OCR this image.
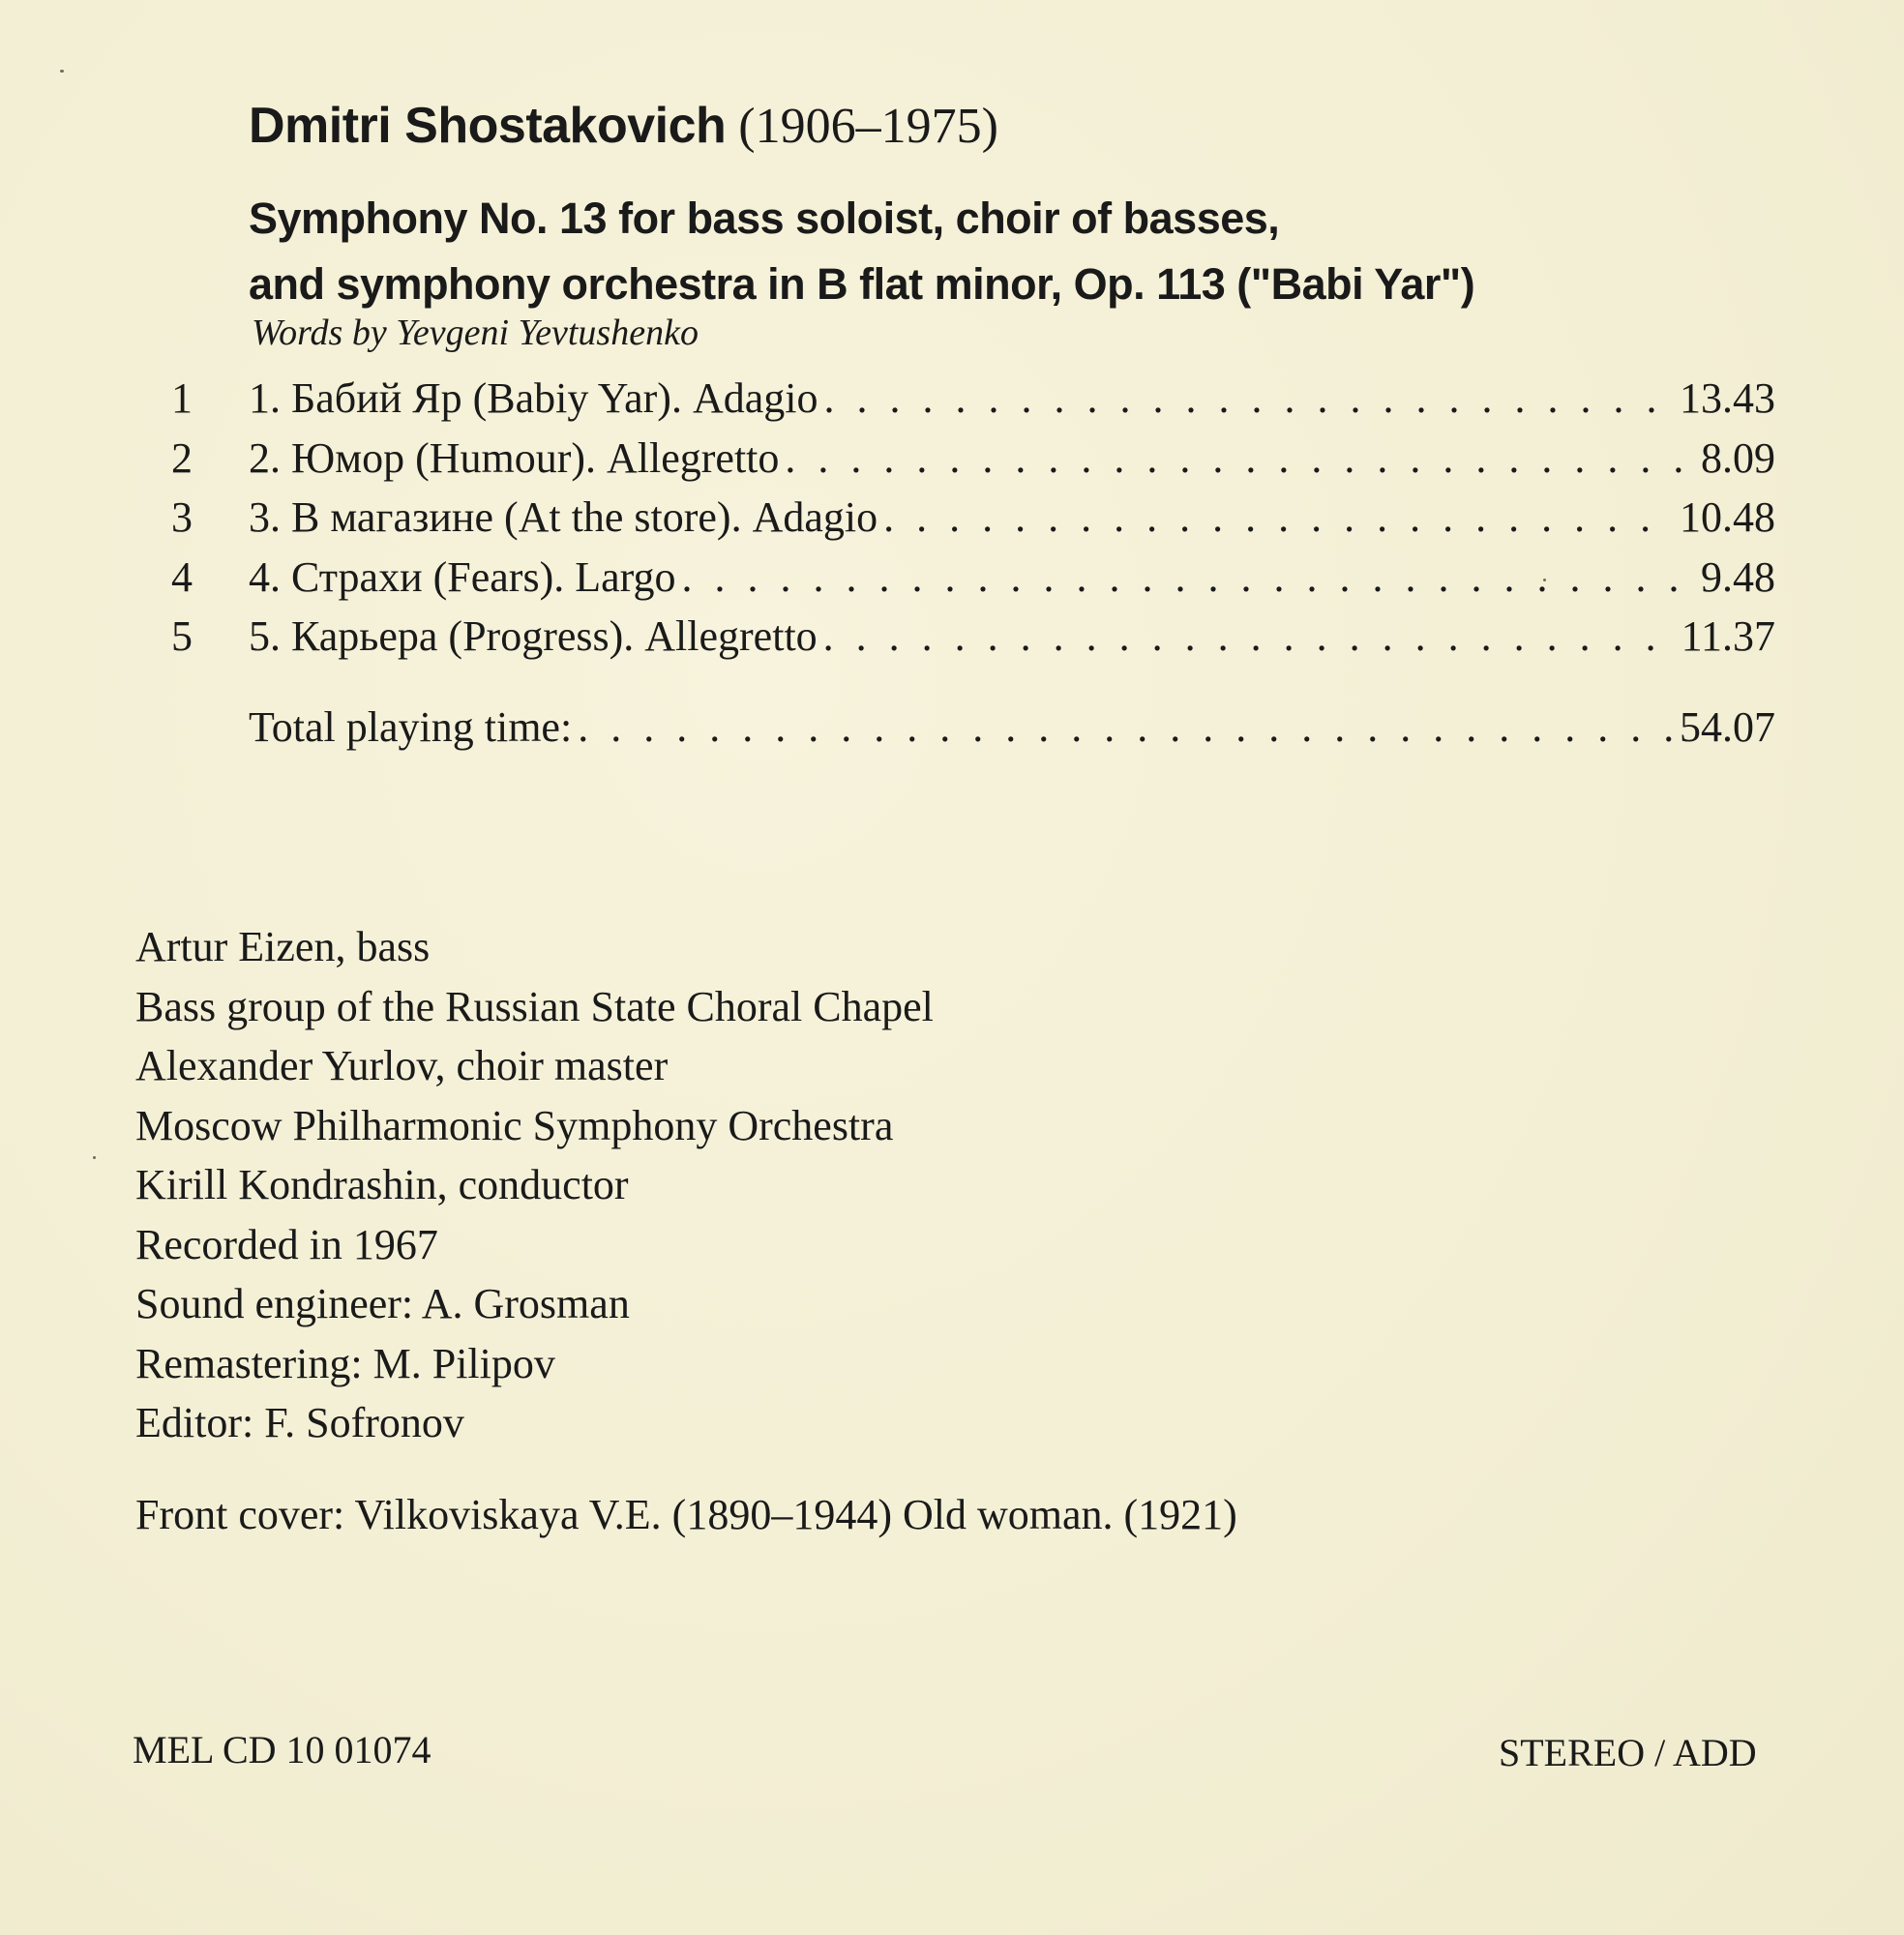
Dmitri Shostakovich (1906–1975)
Symphony No. 13 for bass soloist, choir of basses,
and symphony orchestra in B flat minor, Op. 113 ("Babi Yar")
Words by Yevgeni Yevtushenko
1 1. Бабий Яр (Babiy Yar). Adagio . . .	13.43
2 2. Юмор (Humour). Allegretto . . .	8.09
3 3. В магазине (At the store). Adagio . . .	10.48
4 4. Страхи (Fears). Largo . . .	9.48
5 5. Карьера (Progress). Allegretto . . .	11.37
Total playing time: . . .	54.07
Artur Eizen, bass
Bass group of the Russian State Choral Chapel
Alexander Yurlov, choir master
Moscow Philharmonic Symphony Orchestra
Kirill Kondrashin, conductor
Recorded in 1967
Sound engineer: A. Grosman
Remastering: M. Pilipov
Editor: F. Sofronov
Front cover: Vilkoviskaya V.E. (1890–1944) Old woman. (1921)
MEL CD 10 01074	STEREO / ADD
